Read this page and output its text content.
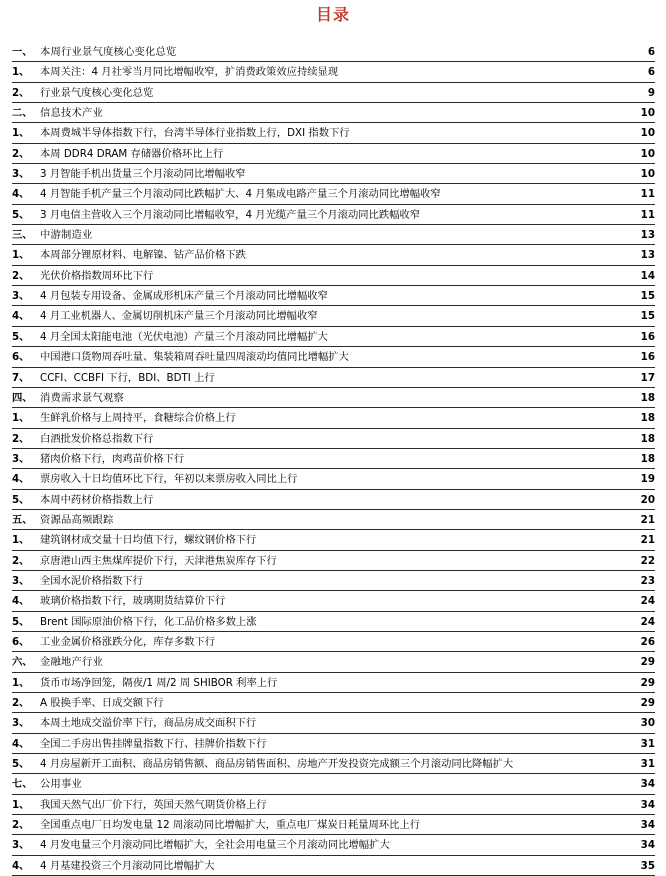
目录
一、 本周行业景气度核心变化总览	6
1、	本周关注：4 月社零当月同比增幅收窄，扩消费政策效应持续显现	6
2、	行业景气度核心变化总览	9
二、 信息技术产业	10
1、	本周费城半导体指数下行，台湾半导体行业指数上行，DXI 指数下行	10
2、	本周 DDR4 DRAM 存储器价格环比上行	10
3、	3 月智能手机出货量三个月滚动同比增幅收窄	10
4、	4 月智能手机产量三个月滚动同比跌幅扩大、4 月集成电路产量三个月滚动同比增幅收窄	11
5、	3 月电信主营收入三个月滚动同比增幅收窄，4 月光缆产量三个月滚动同比跌幅收窄	11
三、 中游制造业	13
1、	本周部分锂原材料、电解镍、钴产品价格下跌	13
2、	光伏价格指数周环比下行	14
3、	4 月包装专用设备、金属成形机床产量三个月滚动同比增幅收窄	15
4、	4 月工业机器人、金属切削机床产量三个月滚动同比增幅收窄	15
5、	4 月全国太阳能电池（光伏电池）产量三个月滚动同比增幅扩大	16
6、	中国港口货物周吞吐量、集装箱周吞吐量四周滚动均值同比增幅扩大	16
7、	CCFI、CCBFI 下行，BDI、BDTI 上行	17
四、 消费需求景气观察	18
1、	生鲜乳价格与上周持平，食糖综合价格上行	18
2、	白酒批发价格总指数下行	18
3、	猪肉价格下行，肉鸡苗价格下行	18
4、	票房收入十日均值环比下行，年初以来票房收入同比上行	19
5、	本周中药材价格指数上行	20
五、 资源品高频跟踪	21
1、	建筑钢材成交量十日均值下行，螺纹钢价格下行	21
2、	京唐港山西主焦煤库提价下行，天津港焦炭库存下行	22
3、	全国水泥价格指数下行	23
4、	玻璃价格指数下行，玻璃期货结算价下行	24
5、	Brent 国际原油价格下行，化工品价格多数上涨	24
6、	工业金属价格涨跌分化，库存多数下行	26
六、 金融地产行业	29
1、	货币市场净回笼，隔夜/1 周/2 周 SHIBOR 利率上行	29
2、	A 股换手率、日成交额下行	29
3、	本周土地成交溢价率下行，商品房成交面积下行	30
4、	全国二手房出售挂牌量指数下行、挂牌价指数下行	31
5、	4 月房屋新开工面积、商品房销售额、商品房销售面积、房地产开发投资完成额三个月滚动同比降幅扩大	31
七、 公用事业	34
1、	我国天然气出厂价下行，英国天然气期货价格上行	34
2、	全国重点电厂日均发电量 12 周滚动同比增幅扩大，重点电厂煤炭日耗量周环比上行	34
3、	4 月发电量三个月滚动同比增幅扩大，全社会用电量三个月滚动同比增幅扩大	34
4、	4 月基建投资三个月滚动同比增幅扩大	35
